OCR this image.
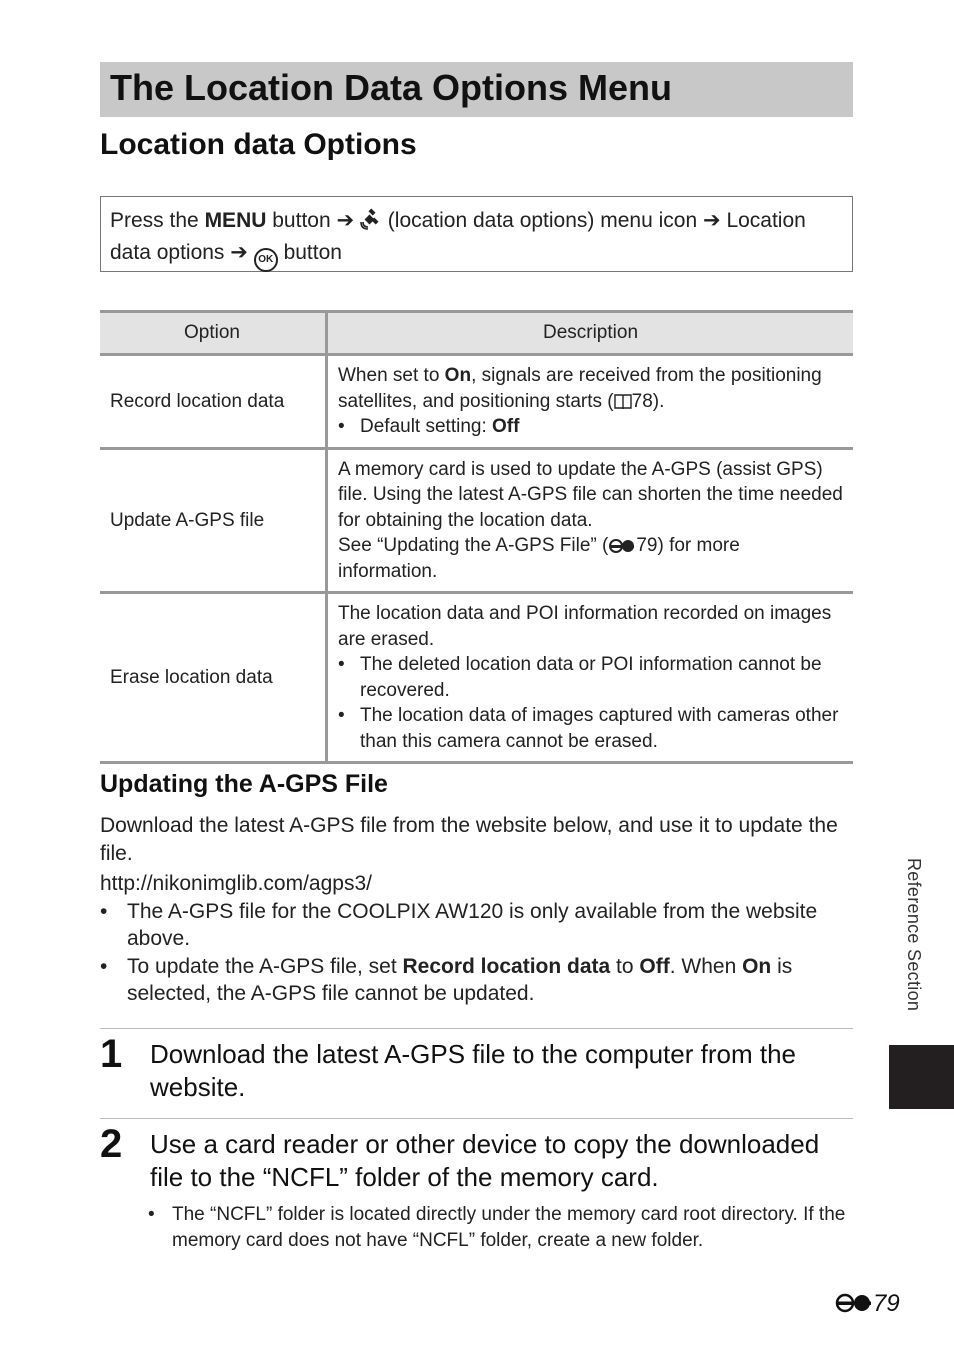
The Location Data Options Menu
Location data Options
Press the MENU button ➔ (location data options) menu icon ➔ Location
data options ➔ OK button
Option	Description
Record location data	When set to On, signals are received from the positioning satellites, and positioning starts ( 78).
• Default setting: Off

Update A-GPS file	A memory card is used to update the A-GPS (assist GPS) file. Using the latest A-GPS file can shorten the time needed for obtaining the location data.
See “Updating the A-GPS File” ( 79) for more information.

Erase location data	The location data and POI information recorded on images are erased.
• The deleted location data or POI information cannot be recovered.
• The location data of images captured with cameras other than this camera cannot be erased.
Updating the A-GPS File

Download the latest A-GPS file from the website below, and use it to update the file.

http://nikonimglib.com/agps3/

• The A-GPS file for the COOLPIX AW120 is only available from the website above.
• To update the A-GPS file, set Record location data to Off. When On is selected, the A-GPS file cannot be updated.
1 Download the latest A-GPS file to the computer from the website.
2 Use a card reader or other device to copy the downloaded file to the “NCFL” folder of the memory card.
• The “NCFL” folder is located directly under the memory card root directory. If the memory card does not have “NCFL” folder, create a new folder.
Reference Section
79
